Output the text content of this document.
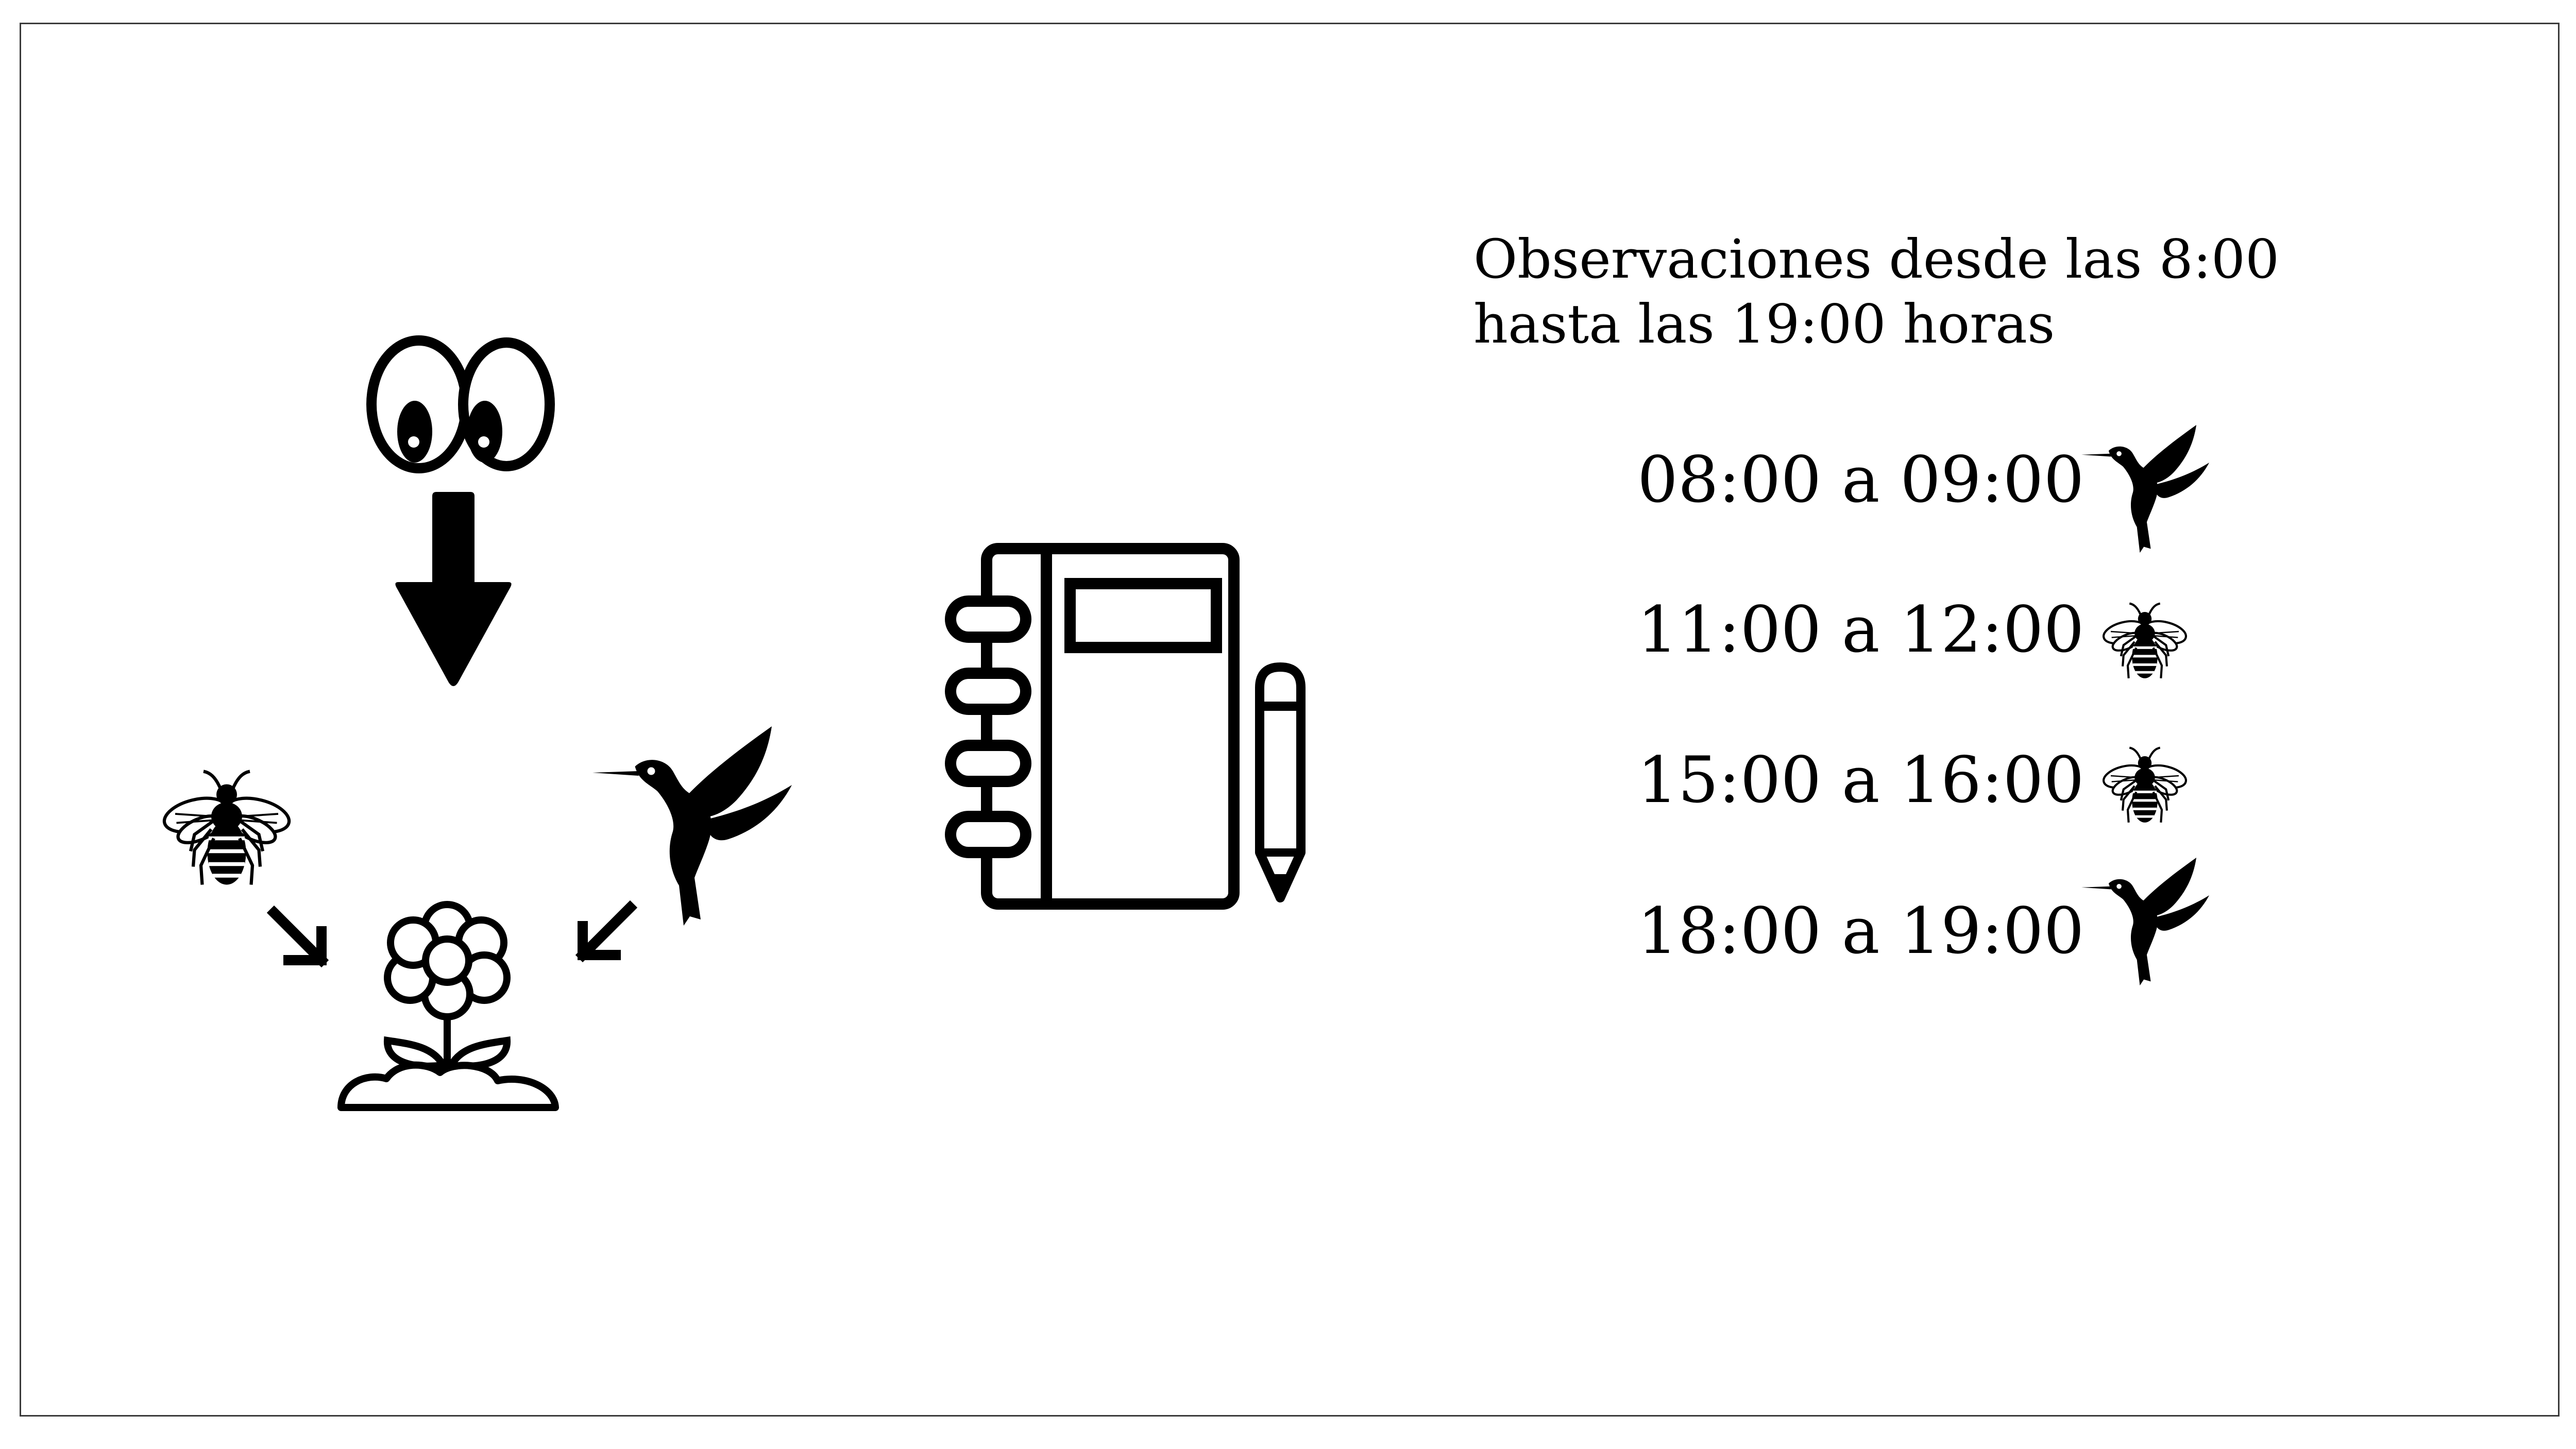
Observaciones desde las 8:00
hasta las 19:00 horas
08:00 a 09:00
11:00 a 12:00
15:00 a 16:00
18:00 a 19:00
